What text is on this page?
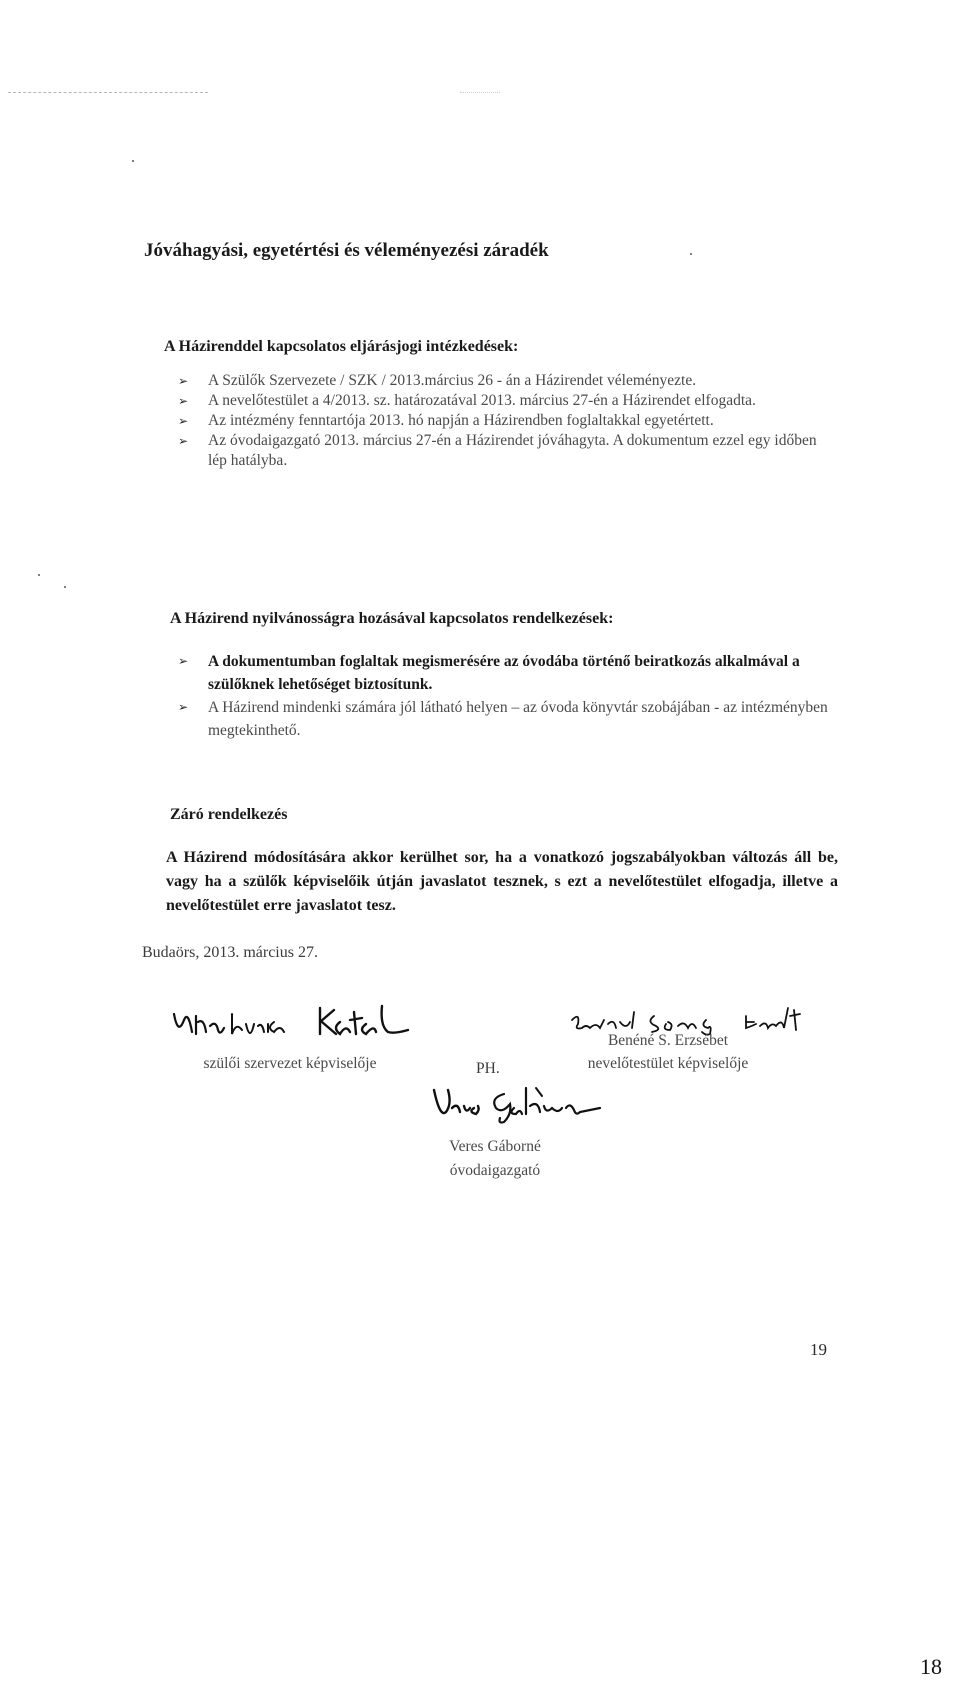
Jóváhagyási, egyetértési és véleményezési záradék
A Házirenddel kapcsolatos eljárásjogi intézkedések:
➢ A Szülők Szervezete / SZK / 2013.március 26 - án a Házirendet véleményezte.
➢ A nevelőtestület a 4/2013. sz. határozatával 2013. március 27-én a Házirendet elfogadta.
➢ Az intézmény fenntartója 2013. hó napján a Házirendben foglaltakkal egyetértett.
➢ Az óvodaigazgató 2013. március 27-én a Házirendet jóváhagyta. A dokumentum ezzel egy időben lép hatályba.
A Házirend nyilvánosságra hozásával kapcsolatos rendelkezések:
➢ A dokumentumban foglaltak megismerésére az óvodába történő beiratkozás alkalmával a szülőknek lehetőséget biztosítunk.
➢ A Házirend mindenki számára jól látható helyen – az óvoda könyvtár szobájában - az intézményben megtekinthető.
Záró rendelkezés
A Házirend módosítására akkor kerülhet sor, ha a vonatkozó jogszabályokban változás áll be, vagy ha a szülők képviselőik útján javaslatot tesznek, s ezt a nevelőtestület elfogadja, illetve a nevelőtestület erre javaslatot tesz.
Budaörs, 2013. március 27.
Benéné S. Erzsébet
szülői szervezet képviselője	nevelőtestület képviselője
PH.
Veres Gáborné
óvodaigazgató
19
18
